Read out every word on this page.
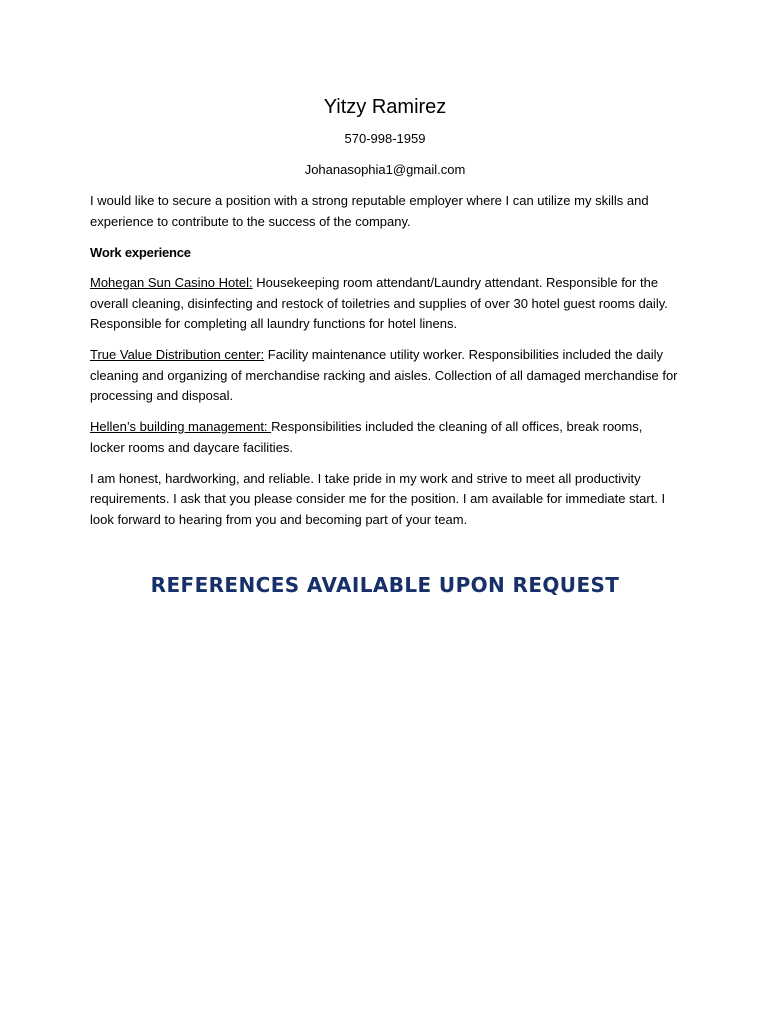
Yitzy Ramirez
570-998-1959
Johanasophia1@gmail.com

I would like to secure a position with a strong reputable employer where I can utilize my skills and experience to contribute to the success of the company.

Work experience

Mohegan Sun Casino Hotel: Housekeeping room attendant/Laundry attendant. Responsible for the overall cleaning, disinfecting and restock of toiletries and supplies of over 30 hotel guest rooms daily. Responsible for completing all laundry functions for hotel linens.

True Value Distribution center: Facility maintenance utility worker. Responsibilities included the daily cleaning and organizing of merchandise racking and aisles. Collection of all damaged merchandise for processing and disposal.

Hellen’s building management: Responsibilities included the cleaning of all offices, break rooms, locker rooms and daycare facilities.

I am honest, hardworking, and reliable. I take pride in my work and strive to meet all productivity requirements. I ask that you please consider me for the position. I am available for immediate start. I look forward to hearing from you and becoming part of your team.

REFERENCES AVAILABLE UPON REQUEST
